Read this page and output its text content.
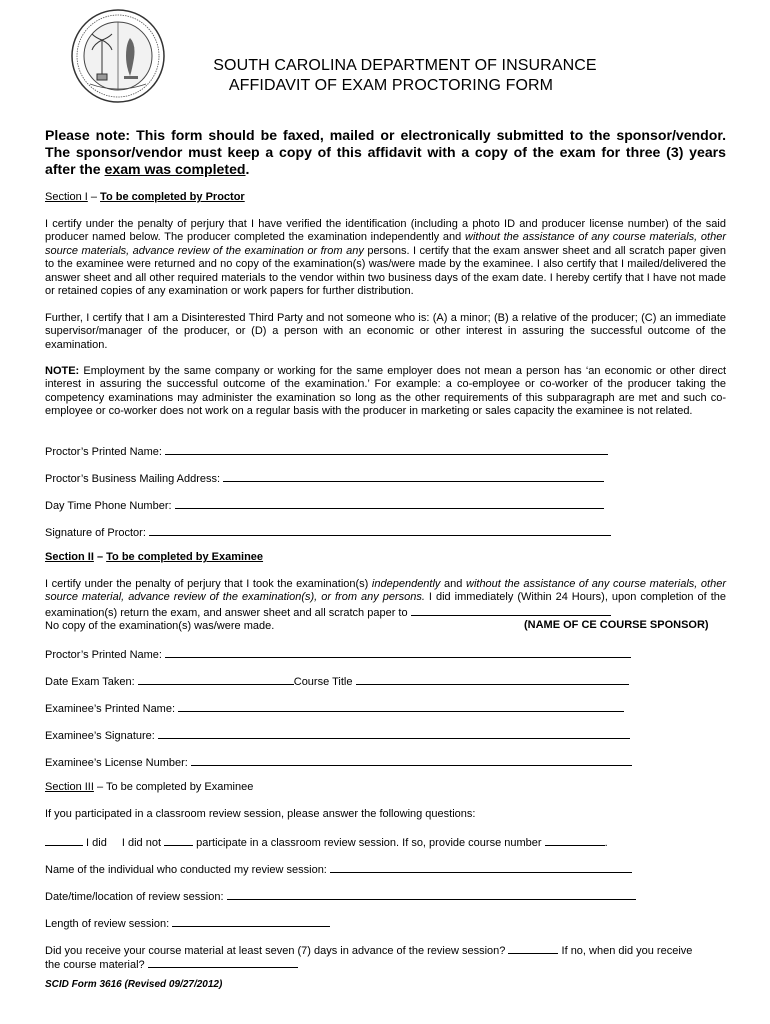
SOUTH CAROLINA DEPARTMENT OF INSURANCE
AFFIDAVIT OF EXAM PROCTORING FORM
Please note: This form should be faxed, mailed or electronically submitted to the sponsor/vendor. The sponsor/vendor must keep a copy of this affidavit with a copy of the exam for three (3) years after the exam was completed.
Section I – To be completed by Proctor
I certify under the penalty of perjury that I have verified the identification (including a photo ID and producer license number) of the said producer named below. The producer completed the examination independently and without the assistance of any course materials, other source materials, advance review of the examination or from any persons. I certify that the exam answer sheet and all scratch paper given to the examinee were returned and no copy of the examination(s) was/were made by the examinee. I also certify that I mailed/delivered the answer sheet and all other required materials to the vendor within two business days of the exam date. I hereby certify that I have not made or retained copies of any examination or work papers for further distribution.
Further, I certify that I am a Disinterested Third Party and not someone who is: (A) a minor; (B) a relative of the producer; (C) an immediate supervisor/manager of the producer, or (D) a person with an economic or other interest in assuring the successful outcome of the examination.
NOTE: Employment by the same company or working for the same employer does not mean a person has ‘an economic or other direct interest in assuring the successful outcome of the examination.’ For example: a co-employee or co-worker of the producer taking the competency examinations may administer the examination so long as the other requirements of this subparagraph are met and such co-employee or co-worker does not work on a regular basis with the producer in marketing or sales capacity the examinee is not related.
Proctor’s Printed Name:
Proctor’s Business Mailing Address:
Day Time Phone Number:
Signature of Proctor:
Section II – To be completed by Examinee
I certify under the penalty of perjury that I took the examination(s) independently and without the assistance of any course materials, other source material, advance review of the examination(s), or from any persons. I did immediately (Within 24 Hours), upon completion of the examination(s) return the exam, and answer sheet and all scratch paper to
No copy of the examination(s) was/were made.	(NAME OF CE COURSE SPONSOR)
Proctor’s Printed Name:
Date Exam Taken:	Course Title
Examinee’s Printed Name:
Examinee’s Signature:
Examinee’s License Number:
Section III – To be completed by Examinee
If you participated in a classroom review session, please answer the following questions:
I did I did not	participate in a classroom review session. If so, provide course number	.
Name of the individual who conducted my review session:
Date/time/location of review session:
Length of review session:
Did you receive your course material at least seven (7) days in advance of the review session?	If no, when did you receive
the course material?
SCID Form 3616 (Revised 09/27/2012)
